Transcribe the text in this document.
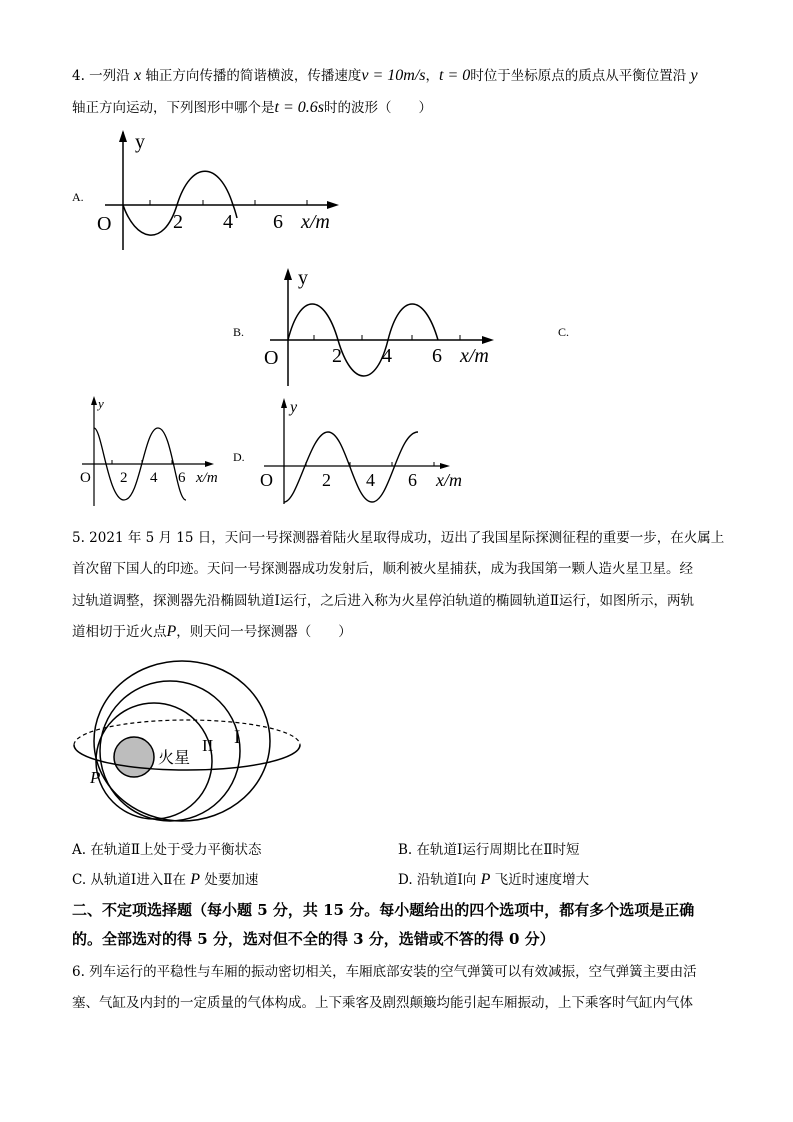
4. 一列沿 x 轴正方向传播的简谐横波，传播速度v = 10m/s，t = 0时位于坐标原点的质点从平衡位置沿 y
轴正方向运动，下列图形中哪个是t = 0.6s时的波形（　　）
A.
y
O	2 4 6 x/m
B.
y
O	2 4 6 x/m
C.
y
O 2 4 6 x/m
D.
y
O	2 4 6 x/m
5. 2021 年 5 月 15 日，天问一号探测器着陆火星取得成功，迈出了我国星际探测征程的重要一步，在火属上
首次留下国人的印迹。天问一号探测器成功发射后，顺利被火星捕获，成为我国第一颗人造火星卫星。经
过轨道调整，探测器先沿椭圆轨道Ⅰ运行，之后进入称为火星停泊轨道的椭圆轨道Ⅱ运行，如图所示，两轨
道相切于近火点P，则天问一号探测器（　　）
火星
II I
P
A. 在轨道Ⅱ上处于受力平衡状态	B. 在轨道Ⅰ运行周期比在Ⅱ时短
C. 从轨道Ⅰ进入Ⅱ在 P 处要加速	D. 沿轨道Ⅰ向 P 飞近时速度增大
二、不定项选择题（每小题 5 分，共 15 分。每小题给出的四个选项中，都有多个选项是正确
的。全部选对的得 5 分，选对但不全的得 3 分，选错或不答的得 0 分）
6. 列车运行的平稳性与车厢的振动密切相关，车厢底部安装的空气弹簧可以有效减振，空气弹簧主要由活
塞、气缸及内封的一定质量的气体构成。上下乘客及剧烈颠簸均能引起车厢振动，上下乘客时气缸内气体
